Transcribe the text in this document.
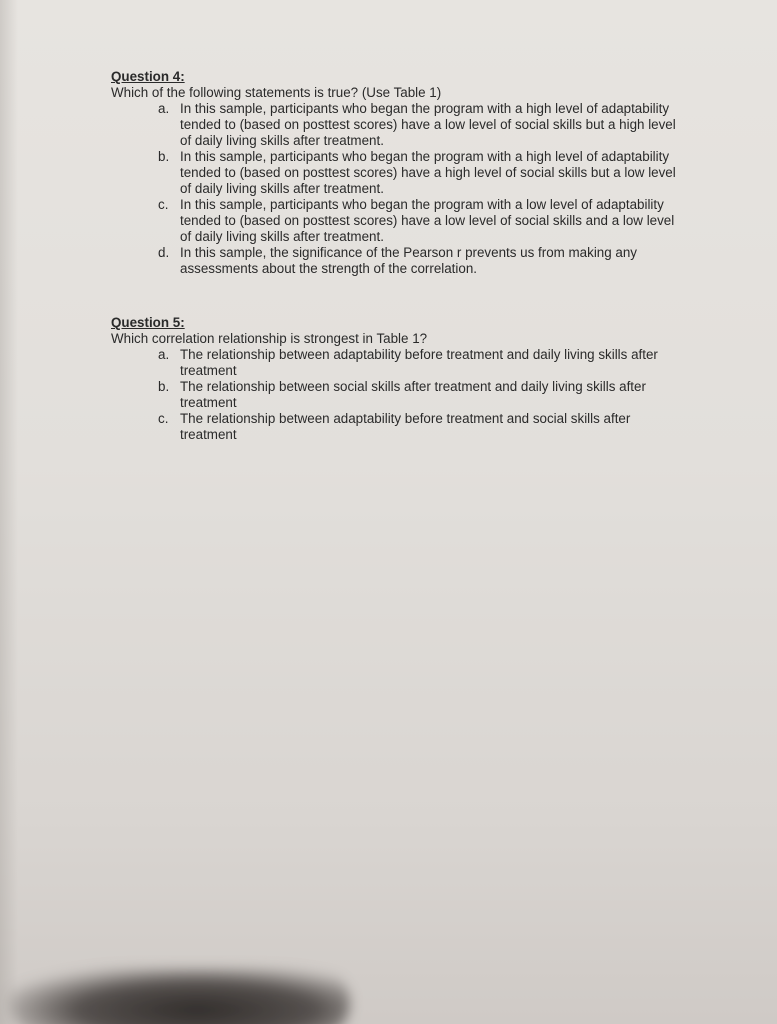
Question 4:
Which of the following statements is true? (Use Table 1)
a. In this sample, participants who began the program with a high level of adaptability tended to (based on posttest scores) have a low level of social skills but a high level of daily living skills after treatment.
b. In this sample, participants who began the program with a high level of adaptability tended to (based on posttest scores) have a high level of social skills but a low level of daily living skills after treatment.
c. In this sample, participants who began the program with a low level of adaptability tended to (based on posttest scores) have a low level of social skills and a low level of daily living skills after treatment.
d. In this sample, the significance of the Pearson r prevents us from making any assessments about the strength of the correlation.
Question 5:
Which correlation relationship is strongest in Table 1?
a. The relationship between adaptability before treatment and daily living skills after treatment
b. The relationship between social skills after treatment and daily living skills after treatment
c. The relationship between adaptability before treatment and social skills after treatment
